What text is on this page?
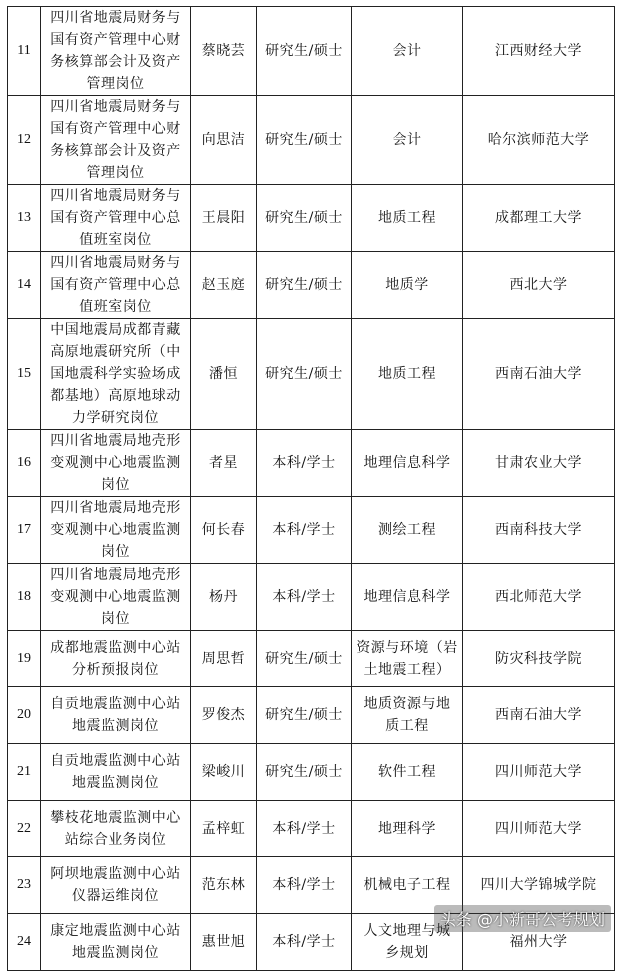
11	四川省地震局财务与
国有资产管理中心财
务核算部会计及资产
管理岗位	蔡晓芸	研究生/硕士	会计	江西财经大学
12	四川省地震局财务与
国有资产管理中心财
务核算部会计及资产
管理岗位	向思洁	研究生/硕士	会计	哈尔滨师范大学
13	四川省地震局财务与
国有资产管理中心总
值班室岗位	王晨阳	研究生/硕士	地质工程	成都理工大学
14	四川省地震局财务与
国有资产管理中心总
值班室岗位	赵玉庭	研究生/硕士	地质学	西北大学
15	中国地震局成都青藏
高原地震研究所（中
国地震科学实验场成
都基地）高原地球动
力学研究岗位	潘恒	研究生/硕士	地质工程	西南石油大学
16	四川省地震局地壳形
变观测中心地震监测
岗位	者星	本科/学士	地理信息科学	甘肃农业大学
17	四川省地震局地壳形
变观测中心地震监测
岗位	何长春	本科/学士	测绘工程	西南科技大学
18	四川省地震局地壳形
变观测中心地震监测
岗位	杨丹	本科/学士	地理信息科学	西北师范大学
19	成都地震监测中心站
分析预报岗位	周思哲	研究生/硕士	资源与环境（岩
土地震工程）	防灾科技学院
20	自贡地震监测中心站
地震监测岗位	罗俊杰	研究生/硕士	地质资源与地
质工程	西南石油大学
21	自贡地震监测中心站
地震监测岗位	梁峻川	研究生/硕士	软件工程	四川师范大学
22	攀枝花地震监测中心
站综合业务岗位	孟梓虹	本科/学士	地理科学	四川师范大学
23	阿坝地震监测中心站
仪器运维岗位	范东林	本科/学士	机械电子工程	四川大学锦城学院
24	康定地震监测中心站
地震监测岗位	惠世旭	本科/学士	人文地理与城
乡规划	福州大学
头条 @小新哥公考规划
